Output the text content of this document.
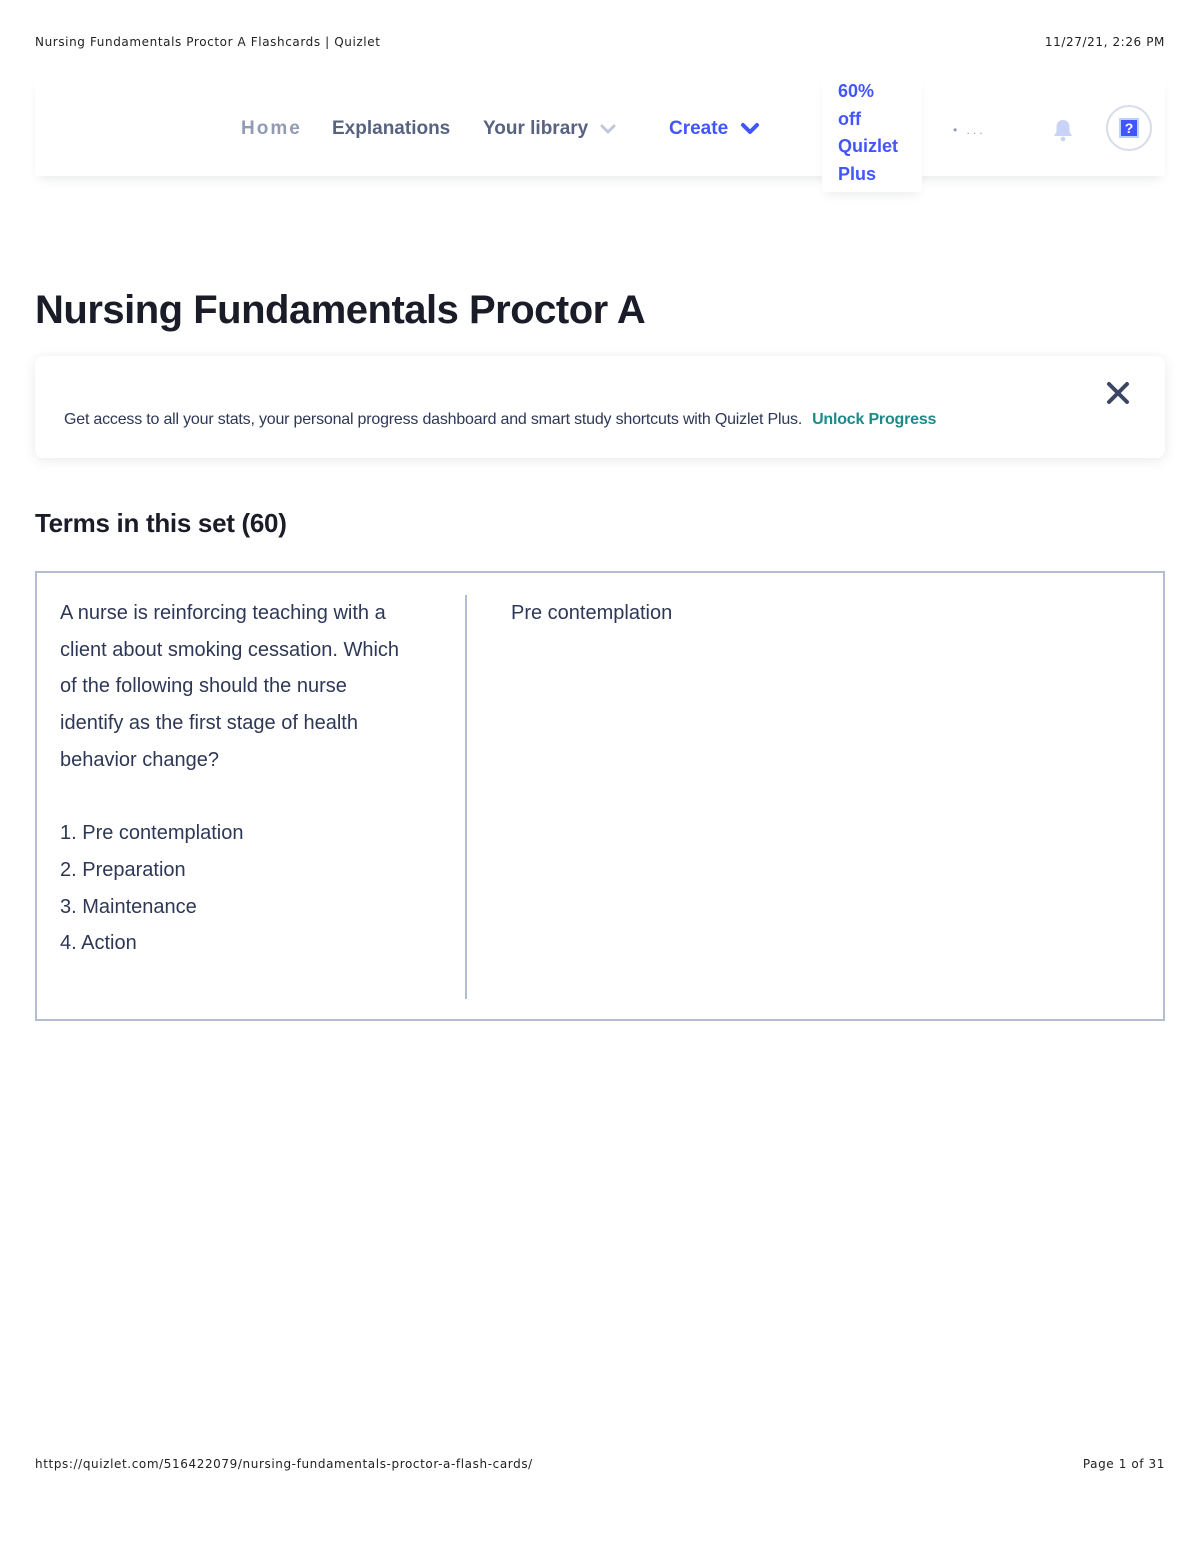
Nursing Fundamentals Proctor A Flashcards | Quizlet	11/27/21, 2:26 PM
Home Explanations Your library	Create
60%
off
Quizlet
Plus
• ...	?
Nursing Fundamentals Proctor A
Get access to all your stats, your personal progress dashboard and smart study shortcuts with Quizlet Plus. Unlock Progress
Terms in this set (60)
A nurse is reinforcing teaching with a client about smoking cessation. Which of the following should the nurse identify as the first stage of health behavior change?

1. Pre contemplation
2. Preparation
3. Maintenance
4. Action
Pre contemplation
https://quizlet.com/516422079/nursing-fundamentals-proctor-a-flash-cards/	Page 1 of 31
